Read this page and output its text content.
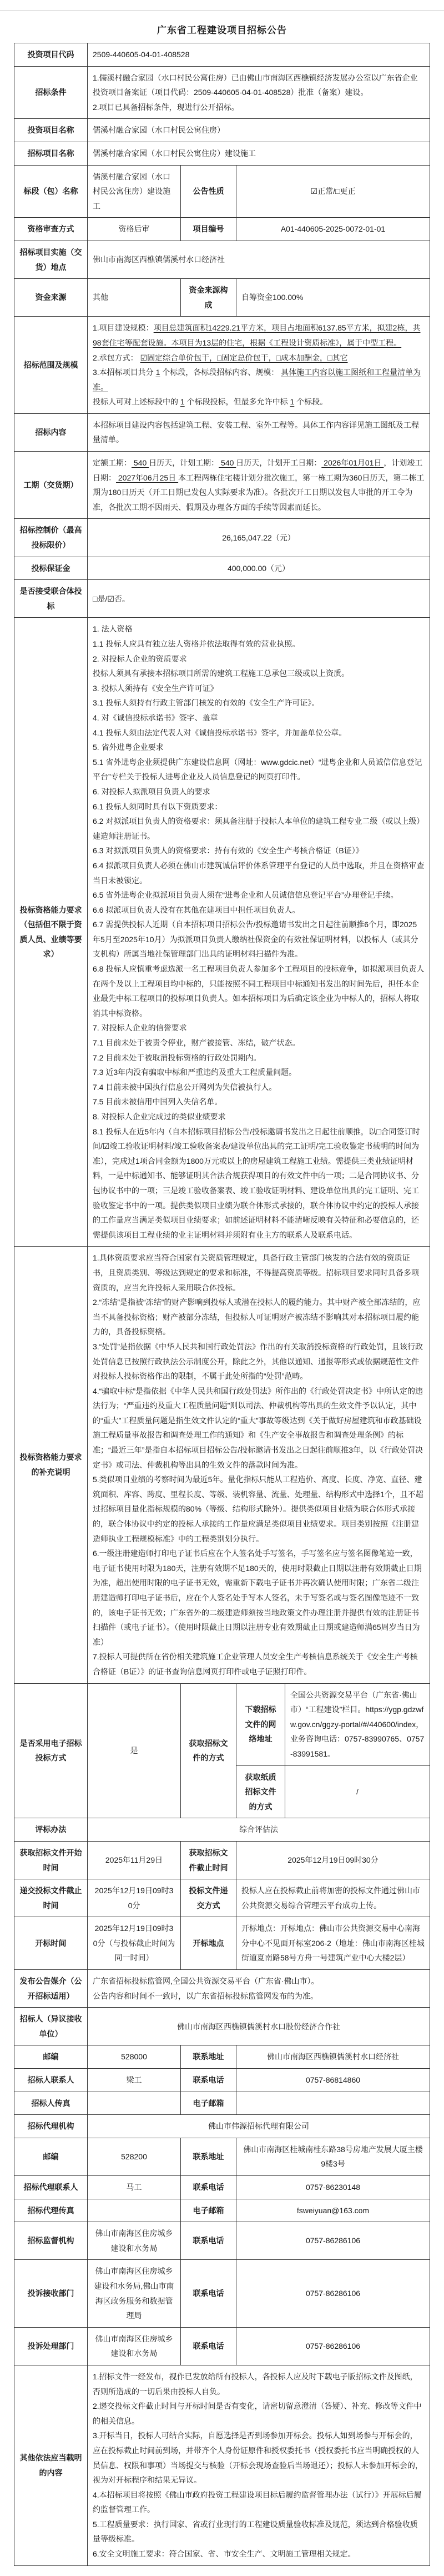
广东省工程建设项目招标公告
投资项目代码	2509-440605-04-01-408528			

招标条件	1.儒溪村融合家园（水口村民公寓住房）已由佛山市南海区西樵镇经济发展办公室以广东省企业投资项目备案证（项目代码：2509-440605-04-01-408528）批准（备案）建设。
2.项目已具备招标条件，现进行公开招标。			

投资项目名称	儒溪村融合家园（水口村民公寓住房）			

招标项目名称	儒溪村融合家园（水口村民公寓住房）建设施工			

标段（包）名称	儒溪村融合家园（水口村民公寓住房）建设施工	公告性质	☑正常/□更正	

资格审查方式	资格后审	项目编号	A01-440605-2025-0072-01-01	

招标项目实施（交货）地点	佛山市南海区西樵镇儒溪村水口经济社			

资金来源	其他	资金来源构成	自筹资金100.00%	

招标范围及规模	1.项目建设规模：项目总建筑面积14229.21平方米，项目占地面积6137.85平方米，拟建2栋，共98套住宅等配套设施。本项目为13层的住宅，根据《工程设计资质标准》，属于中型工程。
2.承包方式： ☑固定综合单价包干，□固定总价包干，□成本加酬金，□其它
3.本招标项目共分 1 个标段，各标段招标内容、规模： 具体施工内容以施工图纸和工程量清单为准。
投标人可对上述标段中的 1 个标段投标，但最多允许中标 1 个标段。			

招标内容	本招标项目建设内容包括建筑工程、安装工程、室外工程等。具体工作内容详见施工图纸及工程量清单。			

工期（交货期）	定额工期： 540 日历天，计划工期： 540 日历天，计划开工日期： 2026年01月01日 ，计划竣工日期： 2027年06月25日 本工程两栋住宅楼计划分批次施工，第一栋工期为360日历天，第二栋工期为180日历天（开工日期已发包人实际要求为准）。各批次开工日期以发包人审批的开工令为准，各批次工期不因雨天、假期及办理各方面的手续等因素而延长。			

招标控制价（最高投标限价）	26,165,047.22（元）			

投标保证金	400,000.00（元）			

是否接受联合体投标	□是/☑否。			

投标资格能力要求（包括但不限于资质人员、业绩等要求）	
1. 法人资格
1.1 投标人应具有独立法人资格并依法取得有效的营业执照。
2. 对投标人企业的资质要求
投标人须具有承接本招标项目所需的建筑工程施工总承包三级或以上资质。
3. 投标人须持有《安全生产许可证》
3.1 投标人须持有行政主管部门核发的有效的《安全生产许可证》。
4. 对《诚信投标承诺书》签字、盖章
4.1 投标人须由法定代表人对《诚信投标承诺书》签字，并加盖单位公章。
5. 省外进粤企业要求
5.1 省外进粤企业须提供广东建设信息网（网址：www.gdcic.net）“进粤企业和人员诚信信息登记平台”专栏关于投标人进粤企业及人员信息登记的网页打印件。
6. 对投标人拟派项目负责人的要求
6.1 投标人须同时具有以下资质要求：
6.2 对拟派项目负责人的资格要求：须具备注册于投标人本单位的建筑工程专业二级（或以上级）建造师注册证书。
6.3 对拟派项目负责人的资格要求：持有有效的《安全生产考核合格证（B证）》
6.4 拟派项目负责人必须在佛山市建筑诚信评价体系管理平台登记的人员中选取，并且在资格审查当日未被锁定。
6.5 省外进粤企业拟派项目负责人须在“进粤企业和人员诚信信息登记平台”办理登记手续。
6.6 拟派项目负责人没有在其他在建项目中担任项目负责人。
6.7 需提供投标人近期（自本招标项目招标公告/投标邀请书发出之日起往前顺推6个月，即2025年5月至2025年10月）为拟派项目负责人缴纳社保资金的有效社保证明材料，以投标人（或其分支机构）所属当地社保管理部门出具的证明材料扫描件为准。
6.8 投标人应慎重考虑选派一名工程项目负责人参加多个工程项目的投标竞争，如拟派项目负责人在两个及以上工程项目均中标的，只能按照不同工程项目中标通知书发出的时间先后，担任本企业最先中标工程项目的投标项目负责人。如本招标项目为后确定该企业为中标人的，招标人将取消其中标资格。
7. 对投标人企业的信誉要求
7.1 目前未处于被责令停业，财产被接管、冻结，破产状态。
7.2 目前未处于被取消投标资格的行政处罚期内。
7.3 近3年内没有骗取中标和严重违约及重大工程质量问题。
7.4 目前未被中国执行信息公开网列为失信被执行人。
7.5 目前未被信用中国列入失信名单。
8. 对投标人企业完成过的类似业绩要求
8.1 投标人在近5年内（自本招标项目招标公告/投标邀请书发出之日起往前顺推，以□合同签订时间/☑竣工验收证明材料/竣工验收备案表/建设单位出具的完工证明/完工验收鉴定书载明的时间为准），完成过1项合同金额为1800万元或以上的房屋建筑工程施工业绩。需提供三类业绩证明材料，一是中标通知书、能够证明其合法合规获得项目的有效文件中的一项；二是合同协议书、分包协议书中的一项；三是竣工验收备案表、竣工验收证明材料、建设单位出具的完工证明、完工验收鉴定书中的一项。提供类似项目业绩为联合体形式承接的，联合体协议中约定的投标人承接的工作量应当满足类似项目业绩要求；如前述证明材料不能清晰反映有关特征和必要信息的，还需提供该项目工程业绩的业主证明材料并须附有业主方的联系人及联系电话。

投标资格能力要求的补充说明	
1.具体资质要求应当符合国家有关资质管理规定，具备行政主管部门核发的合法有效的资质证书，且资质类别、等级达到规定的要求和标准，不得提高资质等级。招标项目要求同时具备多项资质的，应当允许投标人采用联合体投标。
2.“冻结”是指被“冻结”的财产影响到投标人或潜在投标人的履约能力。其中财产被全部冻结的，应当不具备投标资格；财产被部分冻结，但投标人可证明财产被冻结不影响其对本招标项目履约能力的，具备投标资格。
3.“处罚”是指依据《中华人民共和国行政处罚法》作出的有关取消投标资格的行政处罚，且该行政处罚信息已按照行政执法公示制度公开，除此之外，其他以通知、通报等形式或依据规范性文件对投标人投标资格作出的限制，不属于此处所指的“处罚”范畴。
4.“骗取中标”是指依据《中华人民共和国行政处罚法》所作出的《行政处罚决定书》中所认定的违法行为；“严重违约及重大工程质量问题”则以司法、仲裁机构等出具的生效文件予以认定，其中的“重大”工程质量问题是指生效文件认定的“重大”事故等级达到《关于做好房屋建筑和市政基础设施工程质量事故报告和调查处理工作的通知》和《生产安全事故报告和调查处理条例》的标准；“最近三年”是指自本招标项目招标公告/投标邀请书发出之日起往前顺推3年，以《行政处罚决定书》或司法、仲裁机构等出具的生效文件的落款时间为准。
5.类似项目业绩的考察时间为最近5年。量化指标只能从工程造价、高度、长度、净宽、直径、建筑面积、库容、跨度、里程长度、等级、装机容量、流量、处理量、结构形式中选择1个，且不超过招标项目量化指标规模的80%（等级、结构形式除外）。提供类似项目业绩为联合体形式承接的，联合体协议中约定的投标人承接的工作量应满足类似项目业绩要求。项目类别按照《注册建造师执业工程规模标准》中的工程类别划分执行。
6.一级注册建造师打印电子证书后应在个人签名处手写签名，手写签名应与签名图像笔迹一致，电子证书使用时限为180天，注册有效期不足180天的，使用时限截止日期以注册有效期截止日期为准，超出使用时限的电子证书无效，需重新下载电子证书并再次确认使用时限；广东省二级注册建造师打印电子证书后，应在个人签名处手写本人签名，未手写签名或与签名图像笔迹不一致的，该电子证书无效；广东省外的二级建造师须按当地政策文件办理注册并提供有效的注册证书扫描件（或电子证书）。（使用时限截止日期以注册专业有效期截止日期或建造师满65周岁当日为准）
7.投标人可提供所在省份相关建筑施工企业管理人员安全生产考核信息系统关于《安全生产考核合格证（B证）》的证书查询信息网页打印件或电子证照打印件。

是否采用电子招标投标方式	是	获取招标文件的方式	下载招标文件的网络地址	全国公共资源交易平台（广东省·佛山市）“工程建设”栏目。https://ygp.gdzwfw.gov.cn/ggzy-portal/#/440600/index，业务咨询电话：0757-83990765、0757-83991581。

			获取纸质招标文件的方式	/

评标办法	综合评估法			

获取招标文件开始时间	2025年11月29日	获取招标文件截止时间	2025年12月19日09时30分	

递交投标文件截止时间	2025年12月19日09时30分	投标文件递交方式	投标人应在投标截止前将加密的投标文件通过佛山市公共资源交易综合管理云平台成功上传。	

开标时间	2025年12月19日09时30分（与投标截止时间为同一时间）	开标地点	开标地点：开标地点：佛山市公共资源交易中心南海分中心不见面开标室206-2（地址：佛山市南海区桂城街道夏南路58号方舟一号建筑产业中心大楼2层）	

发布公告媒介（公开招标适用）	广东省招标投标监管网,全国公共资源交易平台（广东省·佛山市）。
公告内容和时间不一致时，以广东省招标投标监管网发布的为准。			

招标人（异议接收单位）	佛山市南海区西樵镇儒溪村水口股份经济合作社			

邮编	528000	联系地址	佛山市南海区西樵镇儒溪村水口经济社	

招标人联系人	梁工	联系电话	0757-86814860	

招标人传真		电子邮箱		
招标代理机构	佛山市伟源招标代理有限公司			

邮编	528200	联系地址	佛山市南海区桂城南桂东路38号房地产发展大厦主楼9楼3号	

招标代理联系人	马工	联系电话	0757-86230148	

招标代理传真		电子邮箱	fsweiyuan@163.com	

招标监督机构	佛山市南海区住房城乡建设和水务局	联系电话	0757-86286106	

投诉接收部门	佛山市南海区住房城乡建设和水务局,佛山市南海区政务服务和数据管理局	联系电话	0757-86286106	

投诉处理部门	佛山市南海区住房城乡建设和水务局	联系电话	0757-86286106	

其他依法应当载明的内容	
1.招标文件一经发布，视作已发放给所有投标人，各投标人应及时下载电子版招标文件及图纸，否则所造成的一切后果由投标人自负。
2.递交投标文件截止时间与开标时间是否有变化，请密切留意澄清（答疑）、补充、修改等文件中的相关信息。
3.开标当日，投标人可结合实际，自愿选择是否到场参加开标会。投标人如到场参与开标会的，应在投标截止时间前到场，并带齐个人身份证原件和授权委托书（授权委托书应当明确授权的人员信息、权限和事项）当场提交与核验（开标会现场查验后当场退还）；投标人未参加开标会的，视为对开标程序和结果无异议。
4.本招标项目将按照《佛山市政府投资工程建设项目标后履约监督管理办法（试行）》开展标后履约监督管理工作。
5.工程质量要求：执行国家、省或行业现行的工程建设质量验收标准及规范，须达到合格验收质量等级标准。
6.安全文明施工要求：符合国家、省、市安全生产、文明施工管理相关规定。
